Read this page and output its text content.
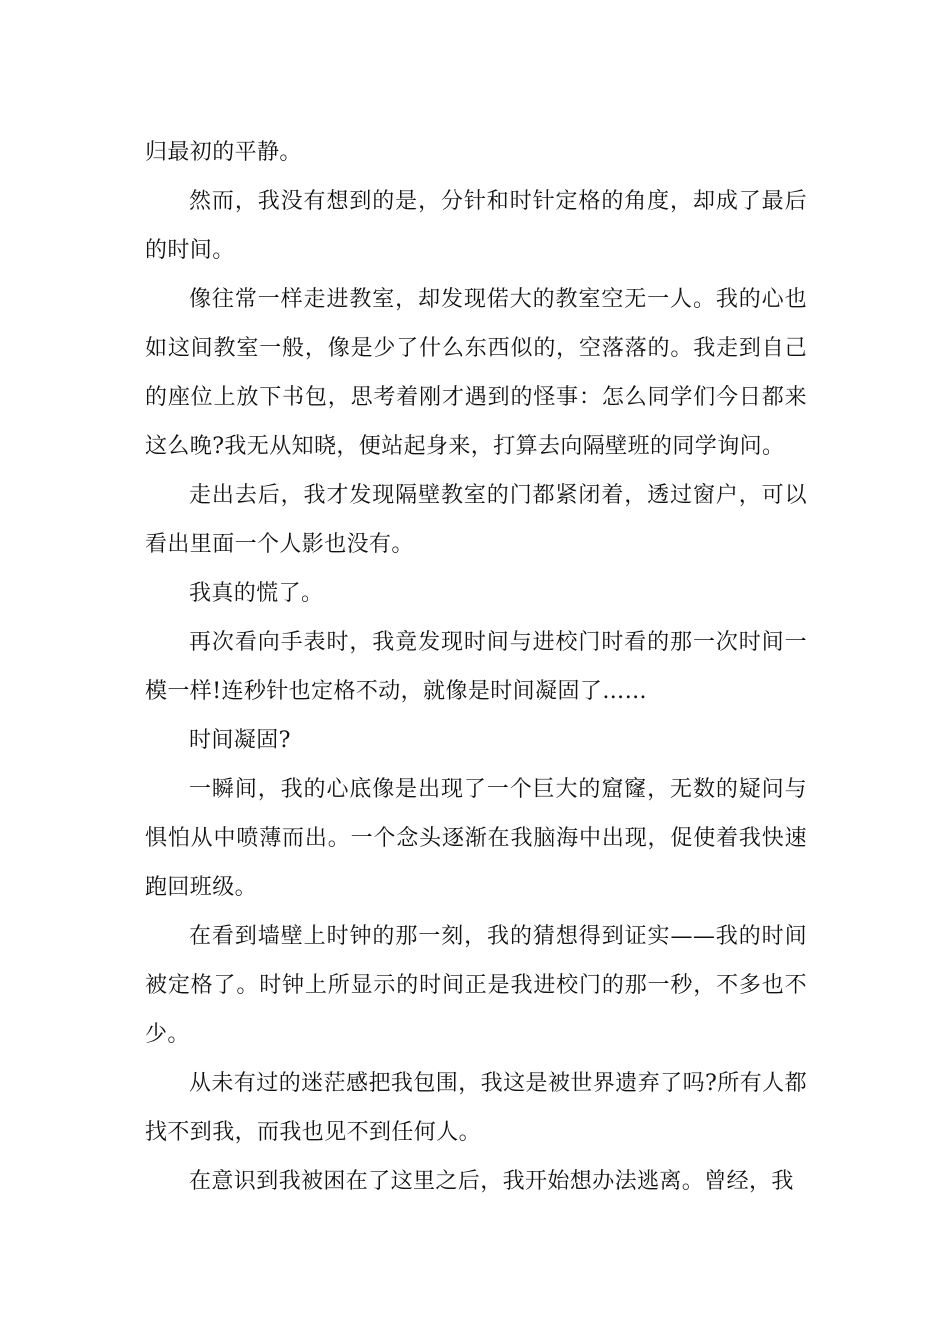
归最初的平静。

然而，我没有想到的是，分针和时针定格的角度，却成了最后的时间。

像往常一样走进教室，却发现偌大的教室空无一人。我的心也如这间教室一般，像是少了什么东西似的，空落落的。我走到自己的座位上放下书包，思考着刚才遇到的怪事：怎么同学们今日都来这么晚?我无从知晓，便站起身来，打算去向隔壁班的同学询问。

走出去后，我才发现隔壁教室的门都紧闭着，透过窗户，可以看出里面一个人影也没有。

我真的慌了。

再次看向手表时，我竟发现时间与进校门时看的那一次时间一模一样!连秒针也定格不动，就像是时间凝固了……

时间凝固?

一瞬间，我的心底像是出现了一个巨大的窟窿，无数的疑问与惧怕从中喷薄而出。一个念头逐渐在我脑海中出现，促使着我快速跑回班级。

在看到墙壁上时钟的那一刻，我的猜想得到证实——我的时间被定格了。时钟上所显示的时间正是我进校门的那一秒，不多也不少。

从未有过的迷茫感把我包围，我这是被世界遗弃了吗?所有人都找不到我，而我也见不到任何人。

在意识到我被困在了这里之后，我开始想办法逃离。曾经，我
